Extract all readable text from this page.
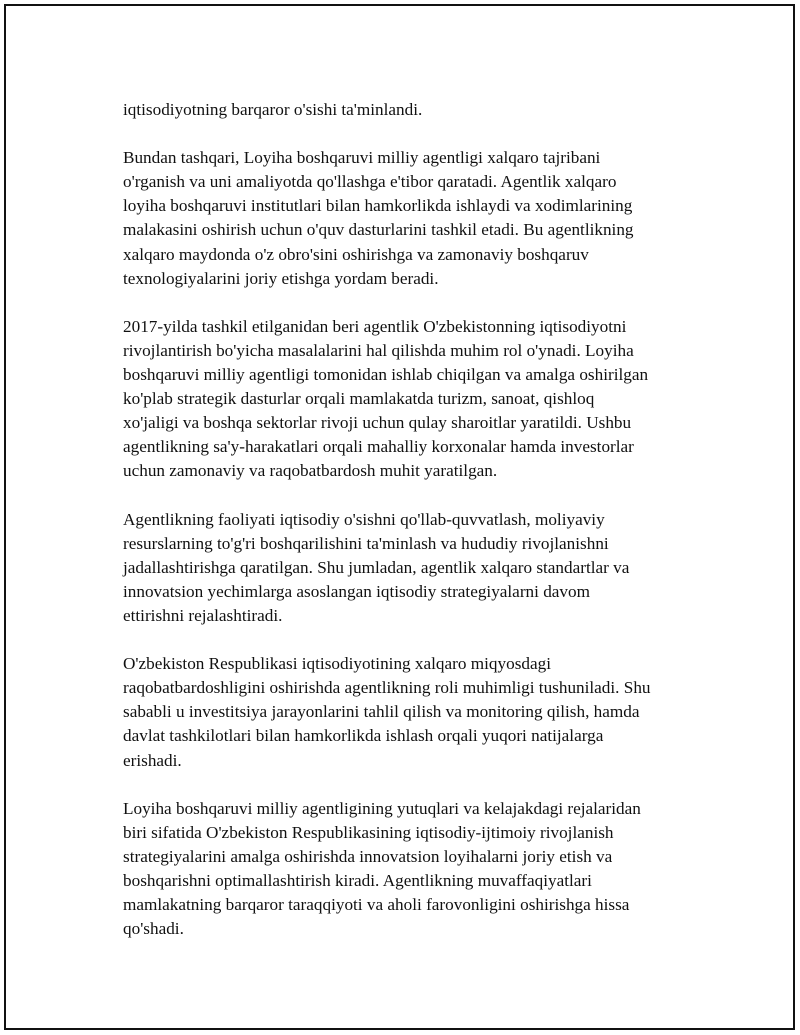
iqtisodiyotning barqaror o'sishi ta'minlandi.

Bundan tashqari, Loyiha boshqaruvi milliy agentligi xalqaro tajribani
o'rganish va uni amaliyotda qo'llashga e'tibor qaratadi. Agentlik xalqaro
loyiha boshqaruvi institutlari bilan hamkorlikda ishlaydi va xodimlarining
malakasini oshirish uchun o'quv dasturlarini tashkil etadi. Bu agentlikning
xalqaro maydonda o'z obro'sini oshirishga va zamonaviy boshqaruv
texnologiyalarini joriy etishga yordam beradi.

2017-yilda tashkil etilganidan beri agentlik O'zbekistonning iqtisodiyotni
rivojlantirish bo'yicha masalalarini hal qilishda muhim rol o'ynadi. Loyiha
boshqaruvi milliy agentligi tomonidan ishlab chiqilgan va amalga oshirilgan
ko'plab strategik dasturlar orqali mamlakatda turizm, sanoat, qishloq
xo'jaligi va boshqa sektorlar rivoji uchun qulay sharoitlar yaratildi. Ushbu
agentlikning sa'y-harakatlari orqali mahalliy korxonalar hamda investorlar
uchun zamonaviy va raqobatbardosh muhit yaratilgan.

Agentlikning faoliyati iqtisodiy o'sishni qo'llab-quvvatlash, moliyaviy
resurslarning to'g'ri boshqarilishini ta'minlash va hududiy rivojlanishni
jadallashtirishga qaratilgan. Shu jumladan, agentlik xalqaro standartlar va
innovatsion yechimlarga asoslangan iqtisodiy strategiyalarni davom
ettirishni rejalashtiradi.

O'zbekiston Respublikasi iqtisodiyotining xalqaro miqyosdagi
raqobatbardoshligini oshirishda agentlikning roli muhimligi tushuniladi. Shu
sababli u investitsiya jarayonlarini tahlil qilish va monitoring qilish, hamda
davlat tashkilotlari bilan hamkorlikda ishlash orqali yuqori natijalarga
erishadi.

Loyiha boshqaruvi milliy agentligining yutuqlari va kelajakdagi rejalaridan
biri sifatida O'zbekiston Respublikasining iqtisodiy-ijtimoiy rivojlanish
strategiyalarini amalga oshirishda innovatsion loyihalarni joriy etish va
boshqarishni optimallashtirish kiradi. Agentlikning muvaffaqiyatlari
mamlakatning barqaror taraqqiyoti va aholi farovonligini oshirishga hissa
qo'shadi.
